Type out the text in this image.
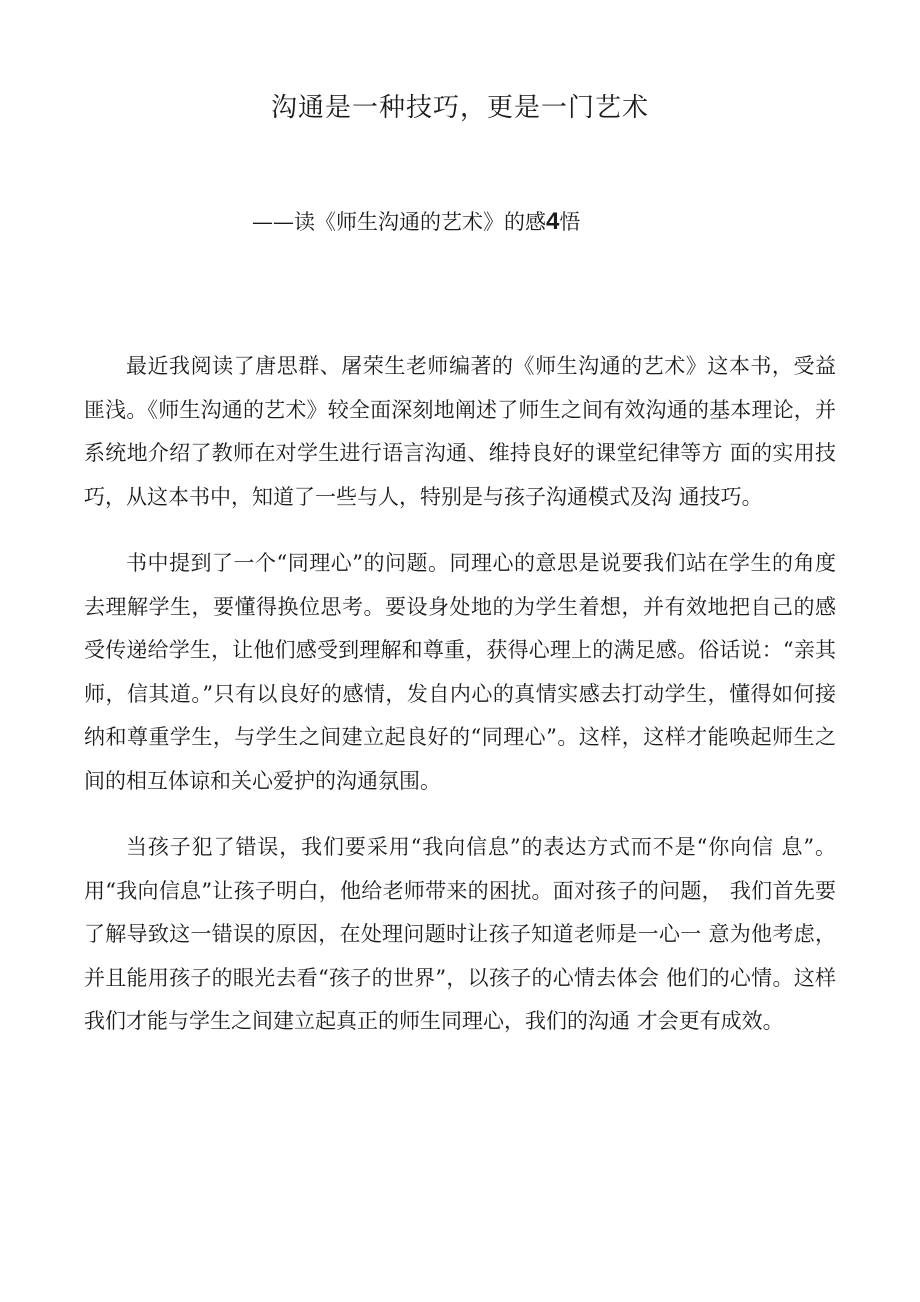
沟通是一种技巧，更是一门艺术
——读《师生沟通的艺术》的感4悟

最近我阅读了唐思群、屠荣生老师编著的《师生沟通的艺术》这本书，受益匪浅。《师生沟通的艺术》较全面深刻地阐述了师生之间有效沟通的基本理论，并系统地介绍了教师在对学生进行语言沟通、维持良好的课堂纪律等方 面的实用技巧，从这本书中，知道了一些与人，特别是与孩子沟通模式及沟 通技巧。

书中提到了一个“同理心”的问题。同理心的意思是说要我们站在学生的角度去理解学生，要懂得换位思考。要设身处地的为学生着想，并有效地把自己的感受传递给学生，让他们感受到理解和尊重，获得心理上的满足感。俗话说：“亲其师，信其道。”只有以良好的感情，发自内心的真情实感去打动学生，懂得如何接纳和尊重学生，与学生之间建立起良好的“同理心”。这样，这样才能唤起师生之间的相互体谅和关心爱护的沟通氛围。

当孩子犯了错误，我们要采用“我向信息”的表达方式而不是“你向信 息”。用“我向信息”让孩子明白，他给老师带来的困扰。面对孩子的问题， 我们首先要了解导致这一错误的原因，在处理问题时让孩子知道老师是一心一 意为他考虑，并且能用孩子的眼光去看“孩子的世界”，以孩子的心情去体会 他们的心情。这样我们才能与学生之间建立起真正的师生同理心，我们的沟通 才会更有成效。
